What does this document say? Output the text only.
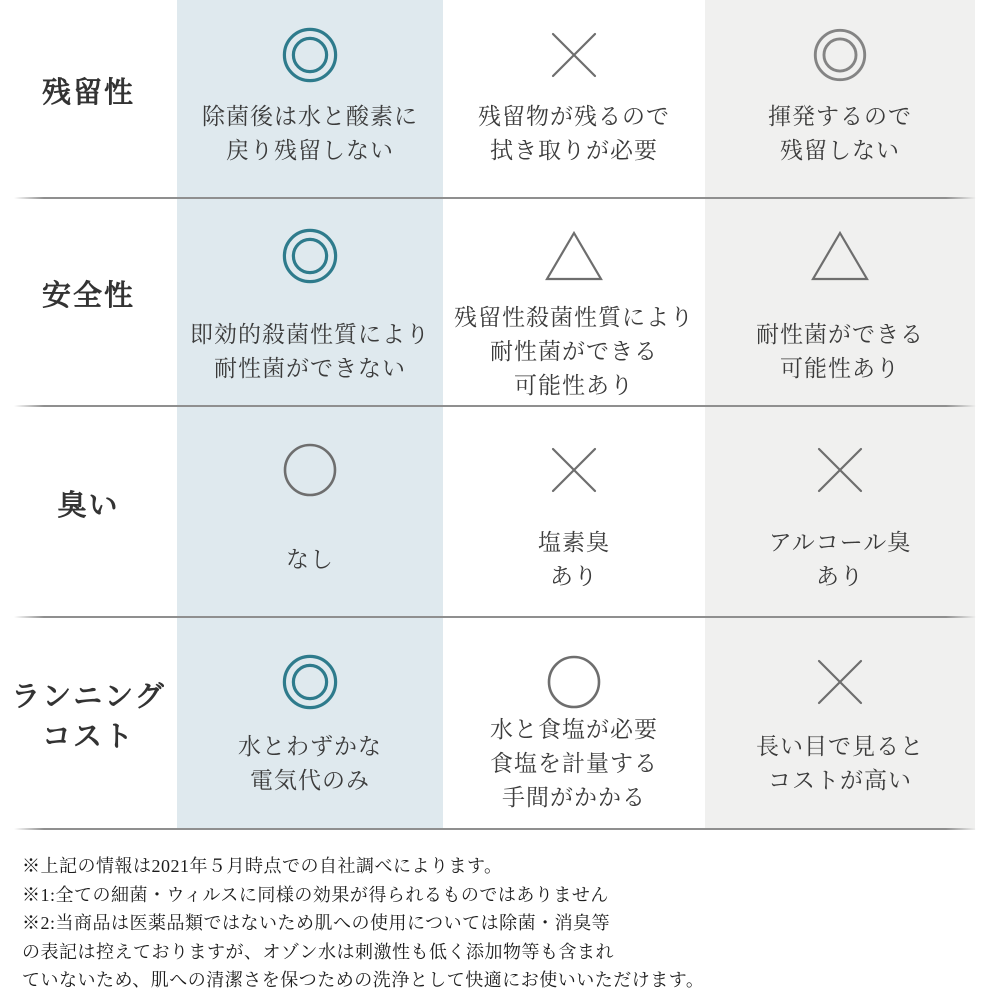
残留性
除菌後は水と酸素に
戻り残留しない
残留物が残るので
拭き取りが必要
揮発するので
残留しない
安全性
即効的殺菌性質により
耐性菌ができない
残留性殺菌性質により
耐性菌ができる
可能性あり
耐性菌ができる
可能性あり
臭い
なし
塩素臭
あり
アルコール臭
あり
ランニング
コスト	水とわずかな
電気代のみ
水と食塩が必要
食塩を計量する
手間がかかる
長い目で見ると
コストが高い
※上記の情報は2021年５月時点での自社調べによります。
※1:全ての細菌・ウィルスに同様の効果が得られるものではありません
※2:当商品は医薬品類ではないため肌への使用については除菌・消臭等
の表記は控えておりますが、オゾン水は刺激性も低く添加物等も含まれ
ていないため、肌への清潔さを保つための洗浄として快適にお使いいただけます。
